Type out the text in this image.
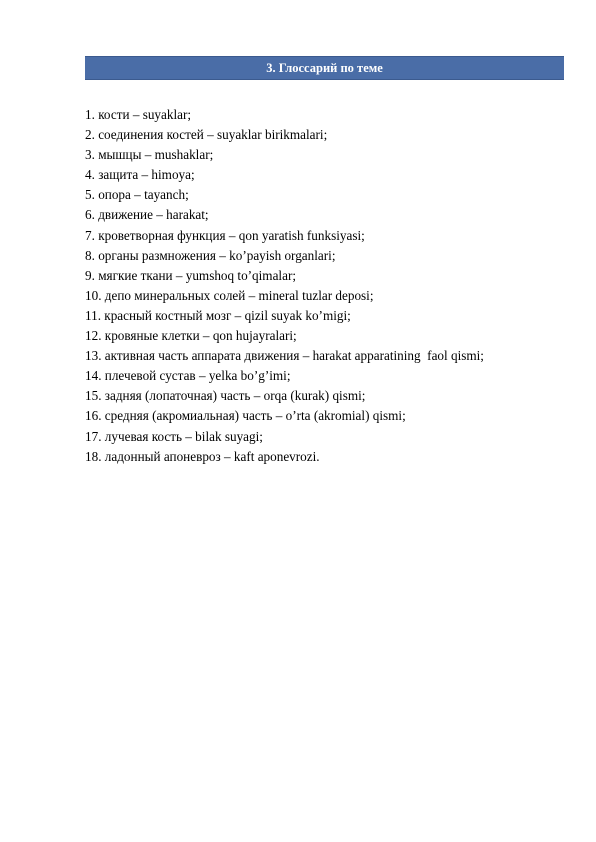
3. Глоссарий по теме
1. кости – suyaklar;
2. соединения костей – suyaklar birikmalari;
3. мышцы – mushaklar;
4. защита – himoya;
5. опора – tayanch;
6. движение – harakat;
7. кроветворная функция – qon yaratish funksiyasi;
8. органы размножения – ko’payish organlari;
9. мягкие ткани – yumshoq to’qimalar;
10. депо минеральных солей – mineral tuzlar deposi;
11. красный костный мозг – qizil suyak ko’migi;
12. кровяные клетки – qon hujayralari;
13. активная часть аппарата движения – harakat apparatining  faol qismi;
14. плечевой сустав – yelka bo’g’imi;
15. задняя (лопаточная) часть – orqa (kurak) qismi;
16. средняя (акромиальная) часть – o’rta (akromial) qismi;
17. лучевая кость – bilak suyagi;
18. ладонный апоневроз – kaft aponevrozi.
